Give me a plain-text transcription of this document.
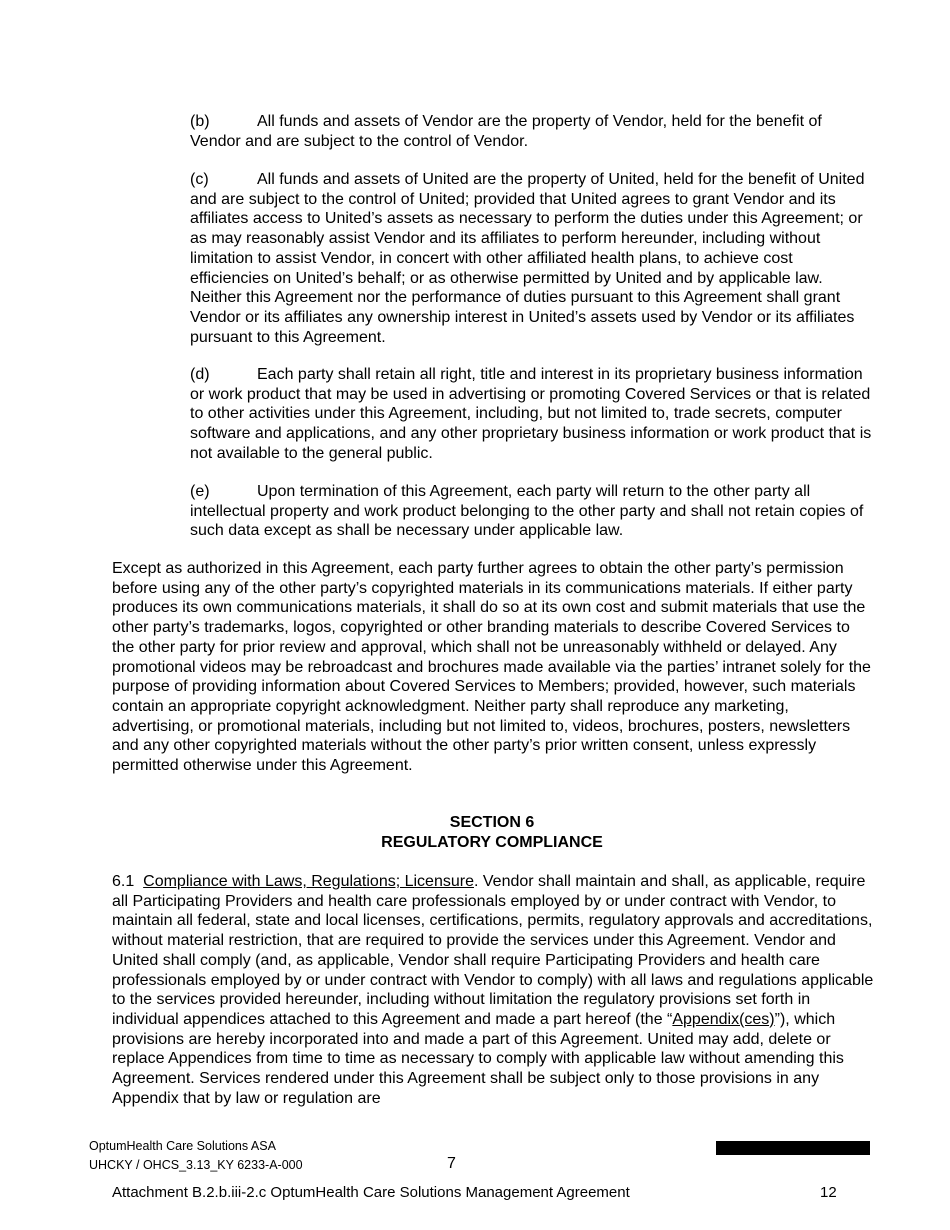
(b)	All funds and assets of Vendor are the property of Vendor, held for the benefit of Vendor and are subject to the control of Vendor.

(c)	All funds and assets of United are the property of United, held for the benefit of United and are subject to the control of United; provided that United agrees to grant Vendor and its affiliates access to United’s assets as necessary to perform the duties under this Agreement; or as may reasonably assist Vendor and its affiliates to perform hereunder, including without limitation to assist Vendor, in concert with other affiliated health plans, to achieve cost efficiencies on United’s behalf; or as otherwise permitted by United and by applicable law. Neither this Agreement nor the performance of duties pursuant to this Agreement shall grant Vendor or its affiliates any ownership interest in United’s assets used by Vendor or its affiliates pursuant to this Agreement.

(d)	Each party shall retain all right, title and interest in its proprietary business information or work product that may be used in advertising or promoting Covered Services or that is related to other activities under this Agreement, including, but not limited to, trade secrets, computer software and applications, and any other proprietary business information or work product that is not available to the general public.

(e)	Upon termination of this Agreement, each party will return to the other party all intellectual property and work product belonging to the other party and shall not retain copies of such data except as shall be necessary under applicable law.

Except as authorized in this Agreement, each party further agrees to obtain the other party’s permission before using any of the other party’s copyrighted materials in its communications materials. If either party produces its own communications materials, it shall do so at its own cost and submit materials that use the other party’s trademarks, logos, copyrighted or other branding materials to describe Covered Services to the other party for prior review and approval, which shall not be unreasonably withheld or delayed. Any promotional videos may be rebroadcast and brochures made available via the parties’ intranet solely for the purpose of providing information about Covered Services to Members; provided, however, such materials contain an appropriate copyright acknowledgment. Neither party shall reproduce any marketing, advertising, or promotional materials, including but not limited to, videos, brochures, posters, newsletters and any other copyrighted materials without the other party’s prior written consent, unless expressly permitted otherwise under this Agreement.

SECTION 6
REGULATORY COMPLIANCE

6.1 Compliance with Laws, Regulations; Licensure. Vendor shall maintain and shall, as applicable, require all Participating Providers and health care professionals employed by or under contract with Vendor, to maintain all federal, state and local licenses, certifications, permits, regulatory approvals and accreditations, without material restriction, that are required to provide the services under this Agreement. Vendor and United shall comply (and, as applicable, Vendor shall require Participating Providers and health care professionals employed by or under contract with Vendor to comply) with all laws and regulations applicable to the services provided hereunder, including without limitation the regulatory provisions set forth in individual appendices attached to this Agreement and made a part hereof (the “Appendix(ces)”), which provisions are hereby incorporated into and made a part of this Agreement. United may add, delete or replace Appendices from time to time as necessary to comply with applicable law without amending this Agreement. Services rendered under this Agreement shall be subject only to those provisions in any Appendix that by law or regulation are

OptumHealth Care Solutions ASA
UHCKY / OHCS_3.13_KY 6233-A-000	7
Attachment B.2.b.iii-2.c OptumHealth Care Solutions Management Agreement	12
